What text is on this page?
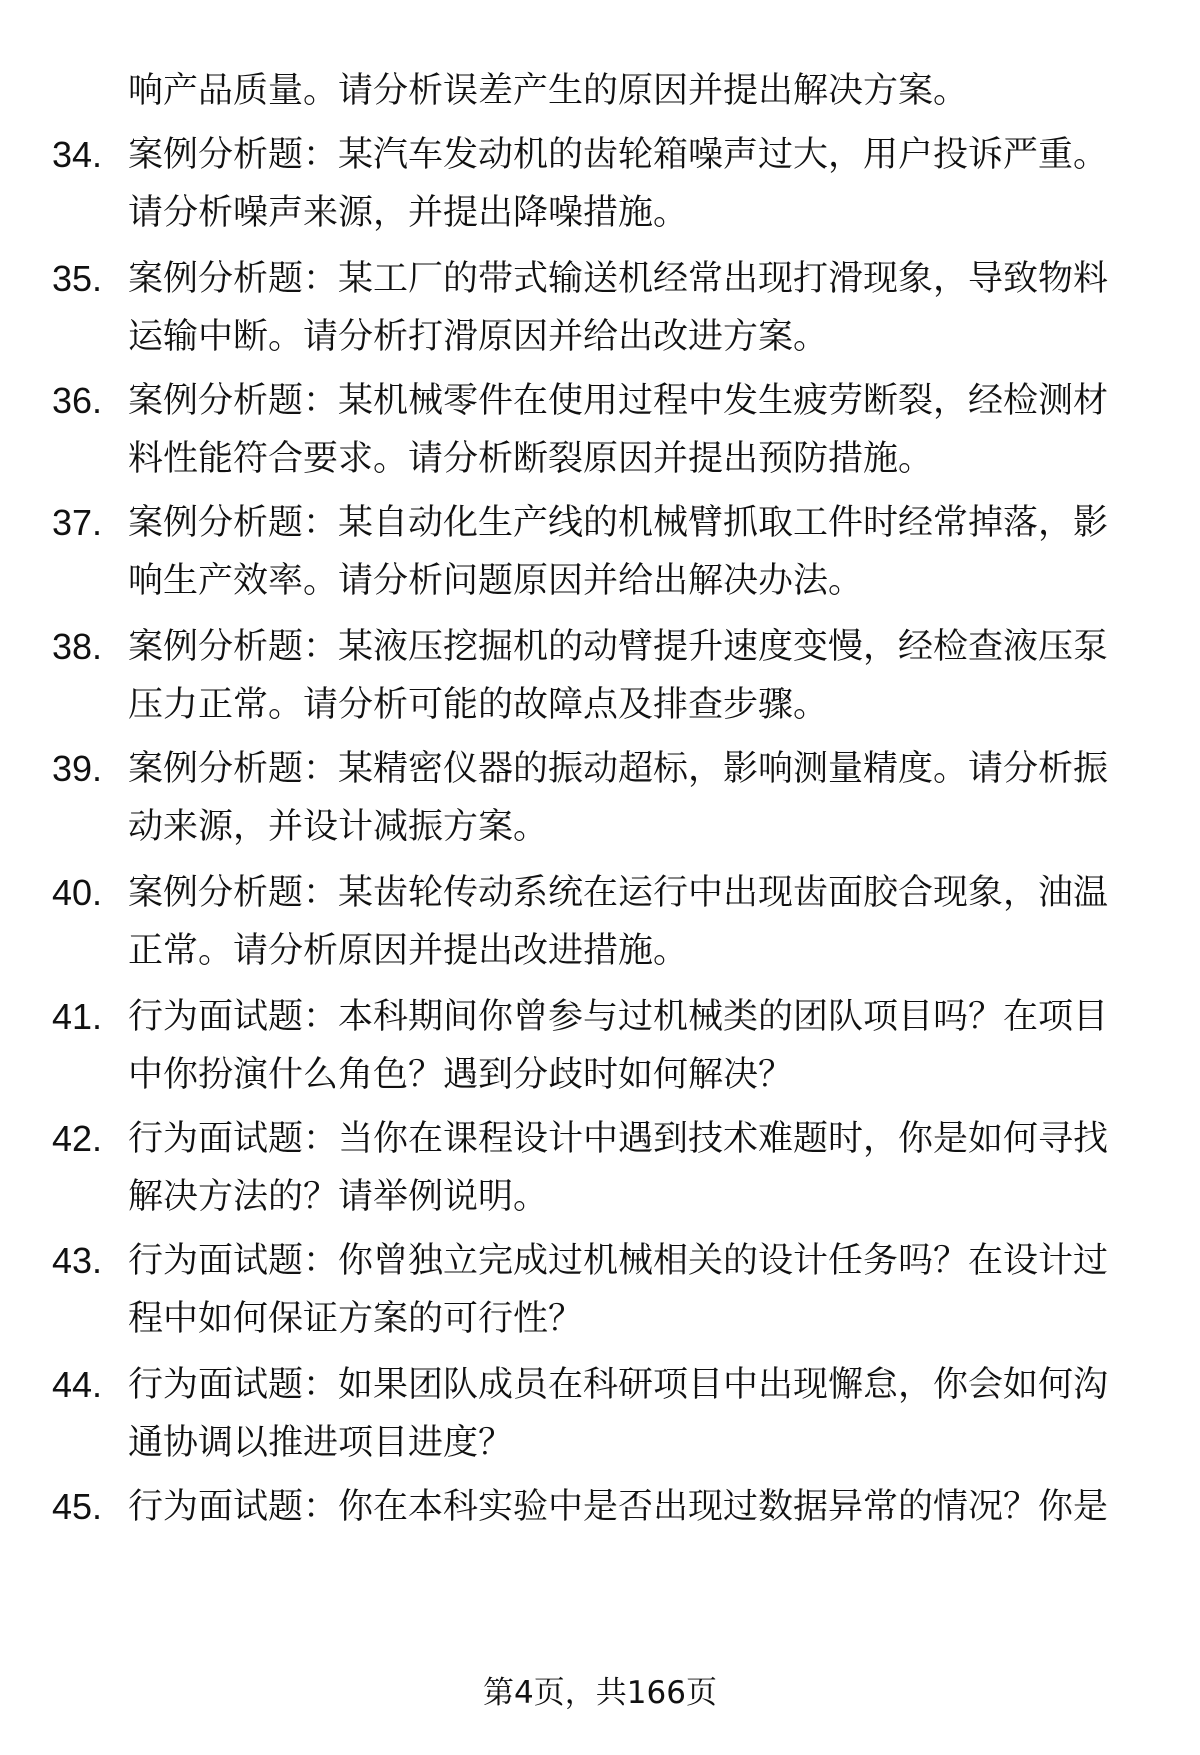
响产品质量。请分析误差产生的原因并提出解决方案。
34. 案例分析题：某汽车发动机的齿轮箱噪声过大，用户投诉严重。请分析噪声来源，并提出降噪措施。
35. 案例分析题：某工厂的带式输送机经常出现打滑现象，导致物料运输中断。请分析打滑原因并给出改进方案。
36. 案例分析题：某机械零件在使用过程中发生疲劳断裂，经检测材料性能符合要求。请分析断裂原因并提出预防措施。
37. 案例分析题：某自动化生产线的机械臂抓取工件时经常掉落，影响生产效率。请分析问题原因并给出解决办法。
38. 案例分析题：某液压挖掘机的动臂提升速度变慢，经检查液压泵压力正常。请分析可能的故障点及排查步骤。
39. 案例分析题：某精密仪器的振动超标，影响测量精度。请分析振动来源，并设计减振方案。
40. 案例分析题：某齿轮传动系统在运行中出现齿面胶合现象，油温正常。请分析原因并提出改进措施。
41. 行为面试题：本科期间你曾参与过机械类的团队项目吗？在项目中你扮演什么角色？遇到分歧时如何解决？
42. 行为面试题：当你在课程设计中遇到技术难题时，你是如何寻找解决方法的？请举例说明。
43. 行为面试题：你曾独立完成过机械相关的设计任务吗？在设计过程中如何保证方案的可行性？
44. 行为面试题：如果团队成员在科研项目中出现懈怠，你会如何沟通协调以推进项目进度？
45. 行为面试题：你在本科实验中是否出现过数据异常的情况？你是
第4页，共166页
